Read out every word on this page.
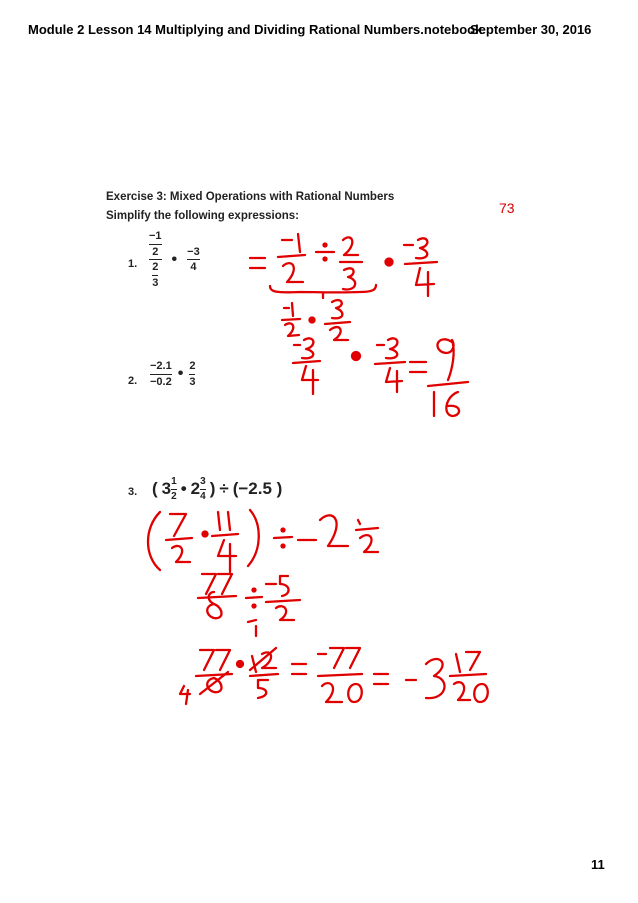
Module 2 Lesson 14 Multiplying and Dividing Rational Numbers.notebook
September 30, 2016
Exercise 3: Mixed Operations with Rational Numbers
Simplify the following expressions:
1. $\frac{\frac{-1}{2}}{\frac{2}{3}}$ • $\frac{-3}{4}$
2. $\frac{-2.1}{-0.2}$ • $\frac{2}{3}$
3. ( $3 \frac{1}{2}$ • $2 \frac{3}{4}$ ) ÷ (−2.5 )
73
11
